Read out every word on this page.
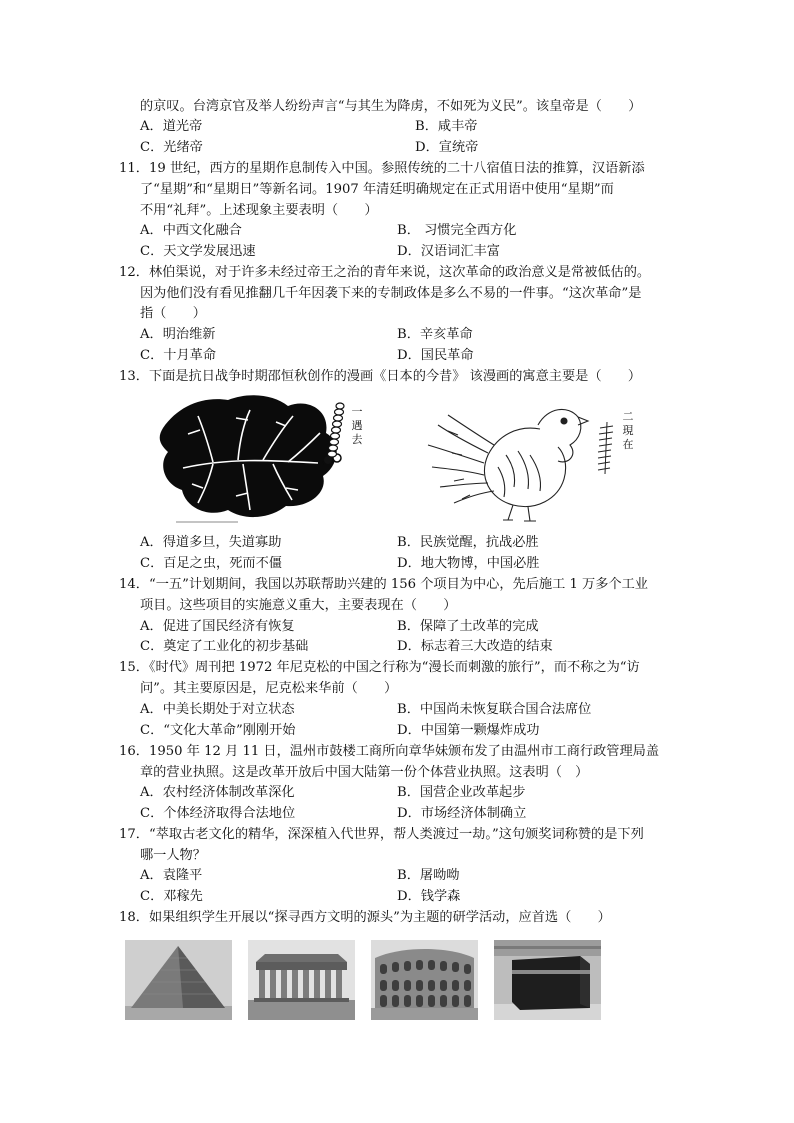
的京叹。台湾京官及举人纷纷声言“与其生为降虏，不如死为义民”。该皇帝是（　　）
A．道光帝	B．咸丰帝
C．光绪帝	D．宣统帝
11．19 世纪，西方的星期作息制传入中国。参照传统的二十八宿值日法的推算，汉语新添
了“星期”和“星期日”等新名词。1907 年清廷明确规定在正式用语中使用“星期”而
不用“礼拜”。上述现象主要表明（　　）
A．中西文化融合	B． 习惯完全西方化
C．天文学发展迅速	D．汉语词汇丰富
12．林伯渠说，对于许多未经过帝王之治的青年来说，这次革命的政治意义是常被低估的。
因为他们没有看见推翻几千年因袭下来的专制政体是多么不易的一件事。“这次革命”是
指（　　）
A．明治维新	B．辛亥革命
C．十月革命	D．国民革命
13．下面是抗日战争时期邵恒秋创作的漫画《日本的今昔》 该漫画的寓意主要是（　　）
一遇去
二現在
A．得道多旦，失道寡助	B．民族觉醒，抗战必胜
C．百足之虫，死而不僵	D．地大物博，中国必胜
14．“一五”计划期间，我国以苏联帮助兴建的 156 个项目为中心，先后施工 1 万多个工业
项目。这些项目的实施意义重大，主要表现在（　　）
A．促进了国民经济有恢复	B．保障了土改革的完成
C．奠定了工业化的初步基础	D．标志着三大改造的结束
15．《时代》周刊把 1972 年尼克松的中国之行称为“漫长而刺激的旅行”，而不称之为“访
问”。其主要原因是，尼克松来华前（　　）
A．中美长期处于对立状态	B．中国尚未恢复联合国合法席位
C．“文化大革命”刚刚开始	D．中国第一颗爆炸成功
16．1950 年 12 月 11 日，温州市鼓楼工商所向章华妹颁布发了由温州市工商行政管理局盖
章的营业执照。这是改革开放后中国大陆第一份个体营业执照。这表明（　）
A．农村经济体制改革深化	B．国营企业改革起步
C．个体经济取得合法地位	D．市场经济体制确立
17．“萃取古老文化的精华，深深植入代世界，帮人类渡过一劫。”这句颁奖词称赞的是下列
哪一人物？
A．袁隆平	B．屠呦呦
C．邓稼先	D．钱学森
18．如果组织学生开展以“探寻西方文明的源头”为主题的研学活动，应首选（　　）
